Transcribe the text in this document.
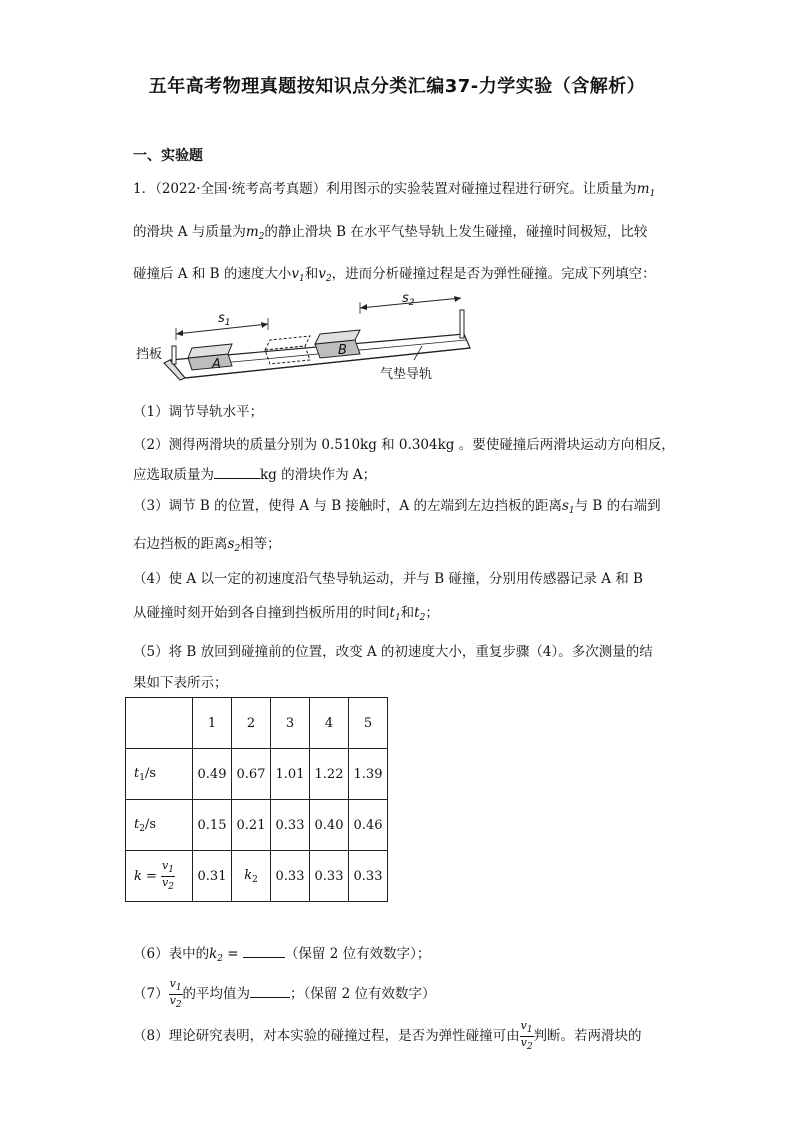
五年高考物理真题按知识点分类汇编37-力学实验（含解析）
一、实验题
1．（2022·全国·统考高考真题）利用图示的实验装置对碰撞过程进行研究。让质量为$m_1$
的滑块 A 与质量为$m_2$的静止滑块 B 在水平气垫导轨上发生碰撞，碰撞时间极短，比较
碰撞后 A 和 B 的速度大小$v_1$和$v_2$，进而分析碰撞过程是否为弹性碰撞。完成下列填空：
A
B
$s_1$
$s_2$
挡板
气垫导轨
（1）调节导轨水平；
（2）测得两滑块的质量分别为 0.510kg 和 0.304kg 。要使碰撞后两滑块运动方向相反，
应选取质量为	kg 的滑块作为 A；
（3）调节 B 的位置，使得 A 与 B 接触时，A 的左端到左边挡板的距离$s_1$与 B 的右端到
右边挡板的距离$s_2$相等；
（4）使 A 以一定的初速度沿气垫导轨运动，并与 B 碰撞，分别用传感器记录 A 和 B
从碰撞时刻开始到各自撞到挡板所用的时间$t_1$和$t_2$；
（5）将 B 放回到碰撞前的位置，改变 A 的初速度大小，重复步骤（4）。多次测量的结
果如下表所示；
	1	2	3	4	5
$t_1/s$	0.49	0.67	1.01	1.22	1.39
$t_2/s$	0.15	0.21	0.33	0.40	0.46
$k = \frac{v_1}{v_2}$	0.31	$k_2$	0.33	0.33	0.33
（6）表中的$k_2$ =	（保留 2 位有效数字）；
$(7) \frac{v_1}{v_2}$ 的平均值为	；（保留 2 位有效数字）
（8）理论研究表明，对本实验的碰撞过程，是否为弹性碰撞可由 $\frac{v_1}{v_2}$ 判断。若两滑块的
